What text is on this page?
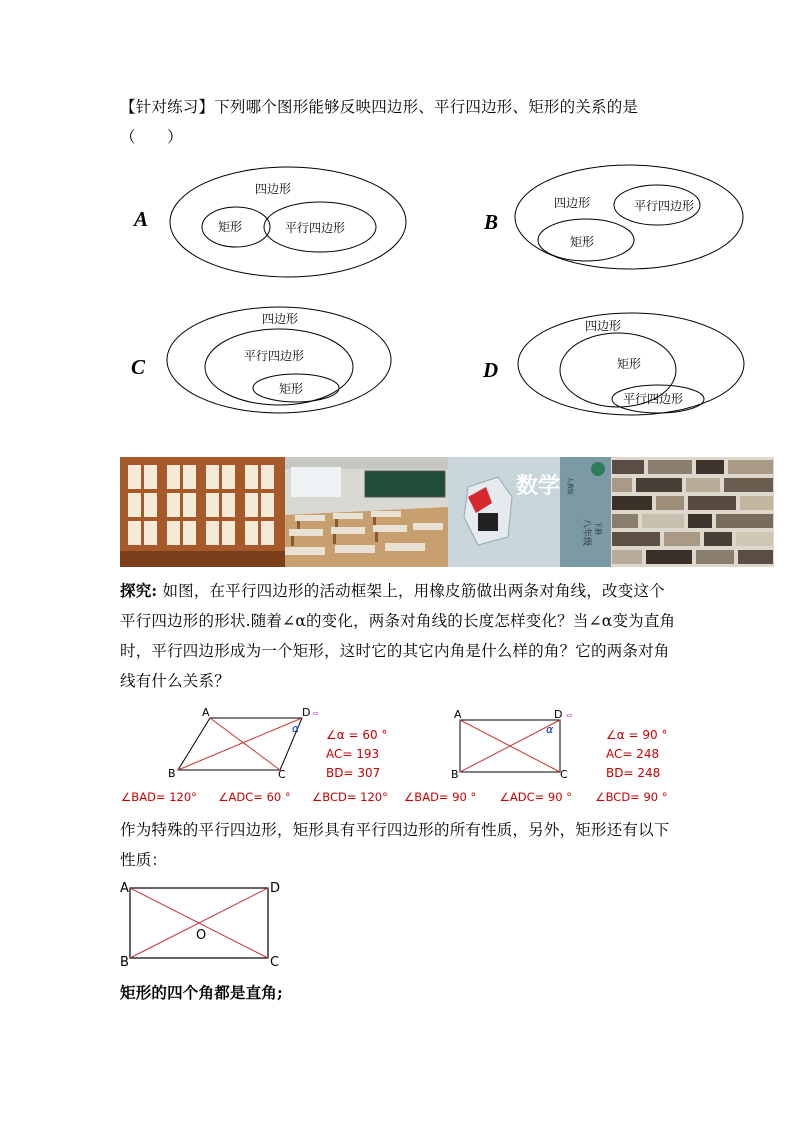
【针对练习】下列哪个图形能够反映四边形、平行四边形、矩形的关系的是
（　　）
A
四边形
矩形	平行四边形	B
四边形	平行四边形
矩形
C
四边形
平行四边形
矩形
D
四边形
矩形
平行四边形
数学 人教版
八年级 下册
探究: 如图，在平行四边形的活动框架上，用橡皮筋做出两条对角线，改变这个平行四边形的形状.随着∠α的变化，两条对角线的长度怎样变化？当∠α变为直角时，平行四边形成为一个矩形，这时它的其它内角是什么样的角？它的两条对角线有什么关系？
A	D
B	C
α
⇔
∠α = 60 °
AC= 193
BD= 307
A	D
B	C
α
⇔
∠α = 90 °
AC= 248
BD= 248
∠BAD= 120° ∠ADC= 60 ° ∠BCD= 120° ∠BAD= 90 ° ∠ADC= 90 ° ∠BCD= 90 °
作为特殊的平行四边形，矩形具有平行四边形的所有性质，另外，矩形还有以下性质：
A	D
B	C
O
矩形的四个角都是直角;
